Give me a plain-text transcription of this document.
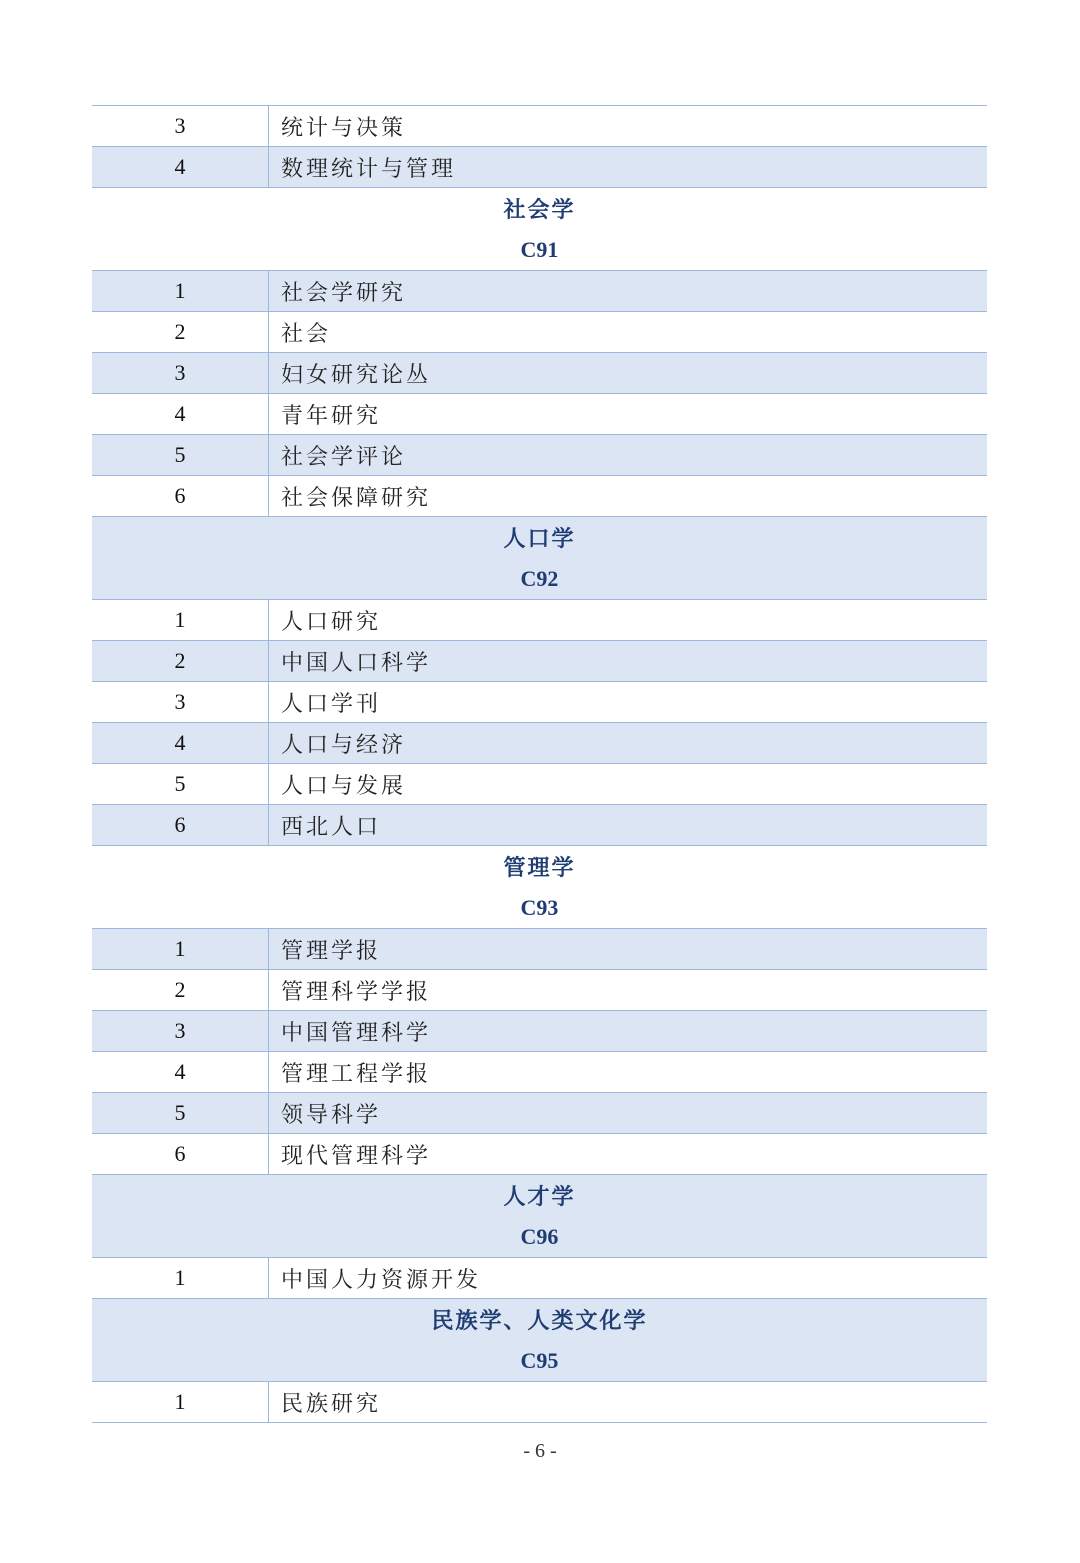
3	统计与决策
4	数理统计与管理
社会学
C91
1	社会学研究
2	社会
3	妇女研究论丛
4	青年研究
5	社会学评论
6	社会保障研究
人口学
C92
1	人口研究
2	中国人口科学
3	人口学刊
4	人口与经济
5	人口与发展
6	西北人口
管理学
C93
1	管理学报
2	管理科学学报
3	中国管理科学
4	管理工程学报
5	领导科学
6	现代管理科学
人才学
C96
1	中国人力资源开发
民族学、人类文化学
C95
1	民族研究
- 6 -
